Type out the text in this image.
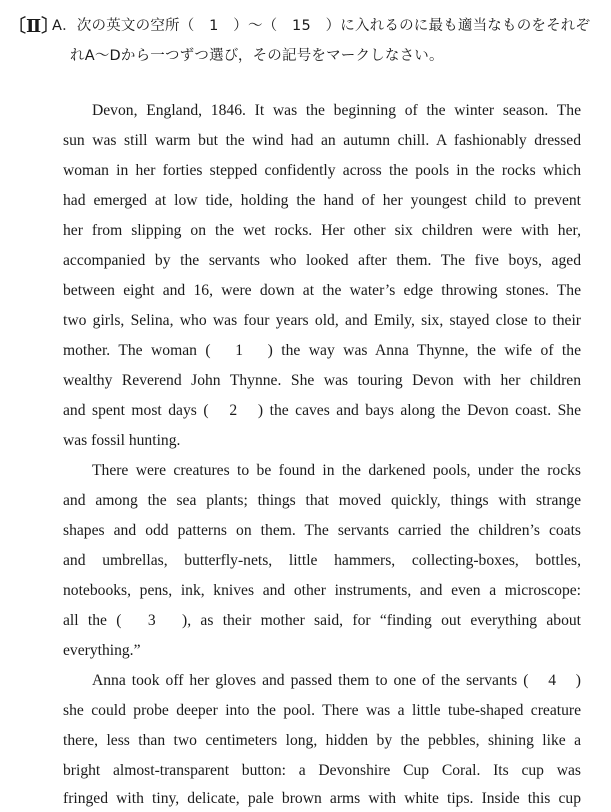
〔Ⅱ〕
A．次の英文の空所（　1　）〜（　15　）に入れるのに最も適当なものをそれぞ
れA〜Dから一つずつ選び，その記号をマークしなさい。
Devon, England, 1846. It was the beginning of the winter season. The
sun was still warm but the wind had an autumn chill. A fashionably dressed
woman in her forties stepped confidently across the pools in the rocks which
had emerged at low tide, holding the hand of her youngest child to prevent
her from slipping on the wet rocks. Her other six children were with her,
accompanied by the servants who looked after them. The five boys, aged
between eight and 16, were down at the water’s edge throwing stones. The
two girls, Selina, who was four years old, and Emily, six, stayed close to their
mother. The woman (　1　) the way was Anna Thynne, the wife of the
wealthy Reverend John Thynne. She was touring Devon with her children
and spent most days (　2　) the caves and bays along the Devon coast. She
was fossil hunting.
There were creatures to be found in the darkened pools, under the rocks
and among the sea plants; things that moved quickly, things with strange
shapes and odd patterns on them. The servants carried the children’s coats
and umbrellas, butterfly-nets, little hammers, collecting-boxes, bottles,
notebooks, pens, ink, knives and other instruments, and even a microscope:
all the (　3　), as their mother said, for “finding out everything about
everything.”
Anna took off her gloves and passed them to one of the servants (　4　)
she could probe deeper into the pool. There was a little tube-shaped creature
there, less than two centimeters long, hidden by the pebbles, shining like a
bright almost-transparent button: a Devonshire Cup Coral. Its cup was
fringed with tiny, delicate, pale brown arms with white tips. Inside this cup
